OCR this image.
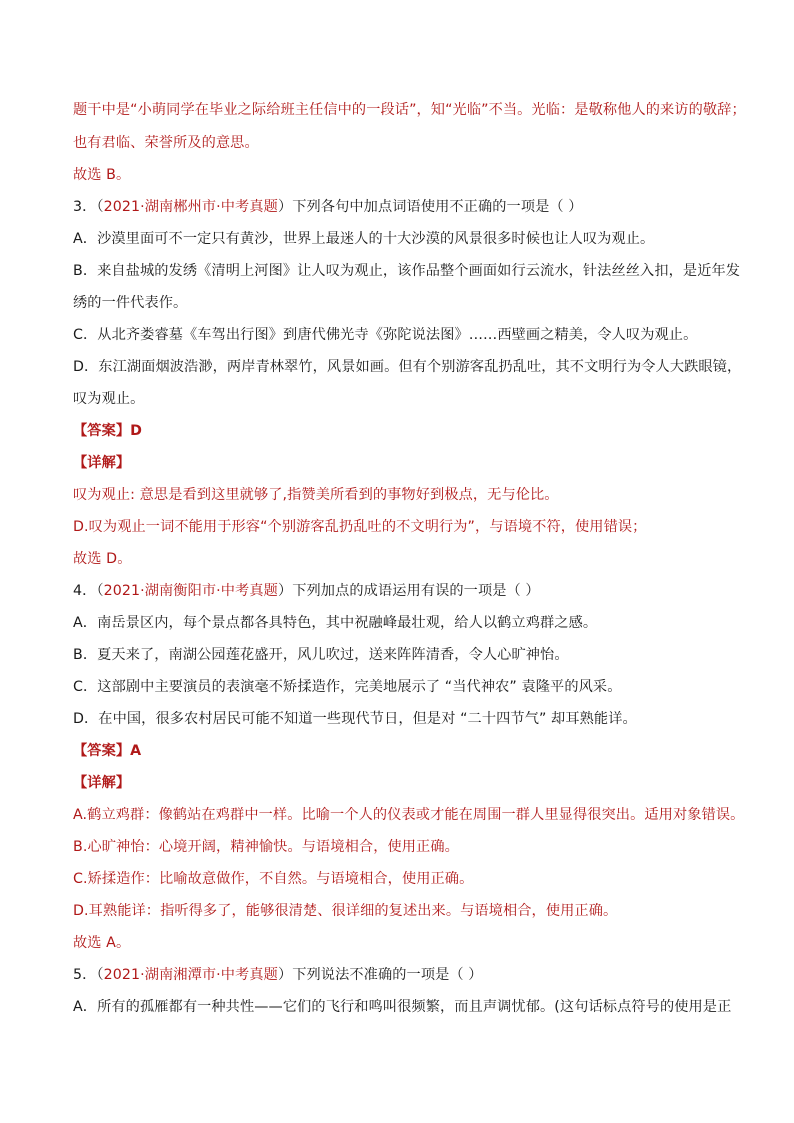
题干中是“小萌同学在毕业之际给班主任信中的一段话”，知“光临”不当。光临：是敬称他人的来访的敬辞；
也有君临、荣誉所及的意思。
故选 B。
3．（2021·湖南郴州市·中考真题）下列各句中加点词语使用不正确的一项是（ ）
A．沙漠里面可不一定只有黄沙，世界上最迷人的十大沙漠的风景很多时候也让人叹为观止。
B．来自盐城的发绣《清明上河图》让人叹为观止，该作品整个画面如行云流水，针法丝丝入扣，是近年发
绣的一件代表作。
C．从北齐娄睿墓《车驾出行图》到唐代佛光寺《弥陀说法图》……西壁画之精美，令人叹为观止。
D．东江湖面烟波浩渺，两岸青林翠竹，风景如画。但有个别游客乱扔乱吐，其不文明行为令人大跌眼镜，
叹为观止。
【答案】D
【详解】
叹为观止: 意思是看到这里就够了,指赞美所看到的事物好到极点，无与伦比。
D.叹为观止一词不能用于形容“个别游客乱扔乱吐的不文明行为”，与语境不符，使用错误；
故选 D。
4．（2021·湖南衡阳市·中考真题）下列加点的成语运用有误的一项是（ ）
A．南岳景区内，每个景点都各具特色，其中祝融峰最壮观，给人以鹤立鸡群之感。
B．夏天来了，南湖公园莲花盛开，风儿吹过，送来阵阵清香，令人心旷神怡。
C．这部剧中主要演员的表演毫不矫揉造作，完美地展示了 “当代神农” 袁隆平的风采。
D．在中国，很多农村居民可能不知道一些现代节日，但是对 “二十四节气” 却耳熟能详。
【答案】A
【详解】
A.鹤立鸡群：像鹤站在鸡群中一样。比喻一个人的仪表或才能在周围一群人里显得很突出。适用对象错误。
B.心旷神怡：心境开阔，精神愉快。与语境相合，使用正确。
C.矫揉造作：比喻故意做作，不自然。与语境相合，使用正确。
D.耳熟能详：指听得多了，能够很清楚、很详细的复述出来。与语境相合，使用正确。
故选 A。
5．（2021·湖南湘潭市·中考真题）下列说法不准确的一项是（ ）
A．所有的孤雁都有一种共性——它们的飞行和鸣叫很频繁，而且声调忧郁。(这句话标点符号的使用是正
